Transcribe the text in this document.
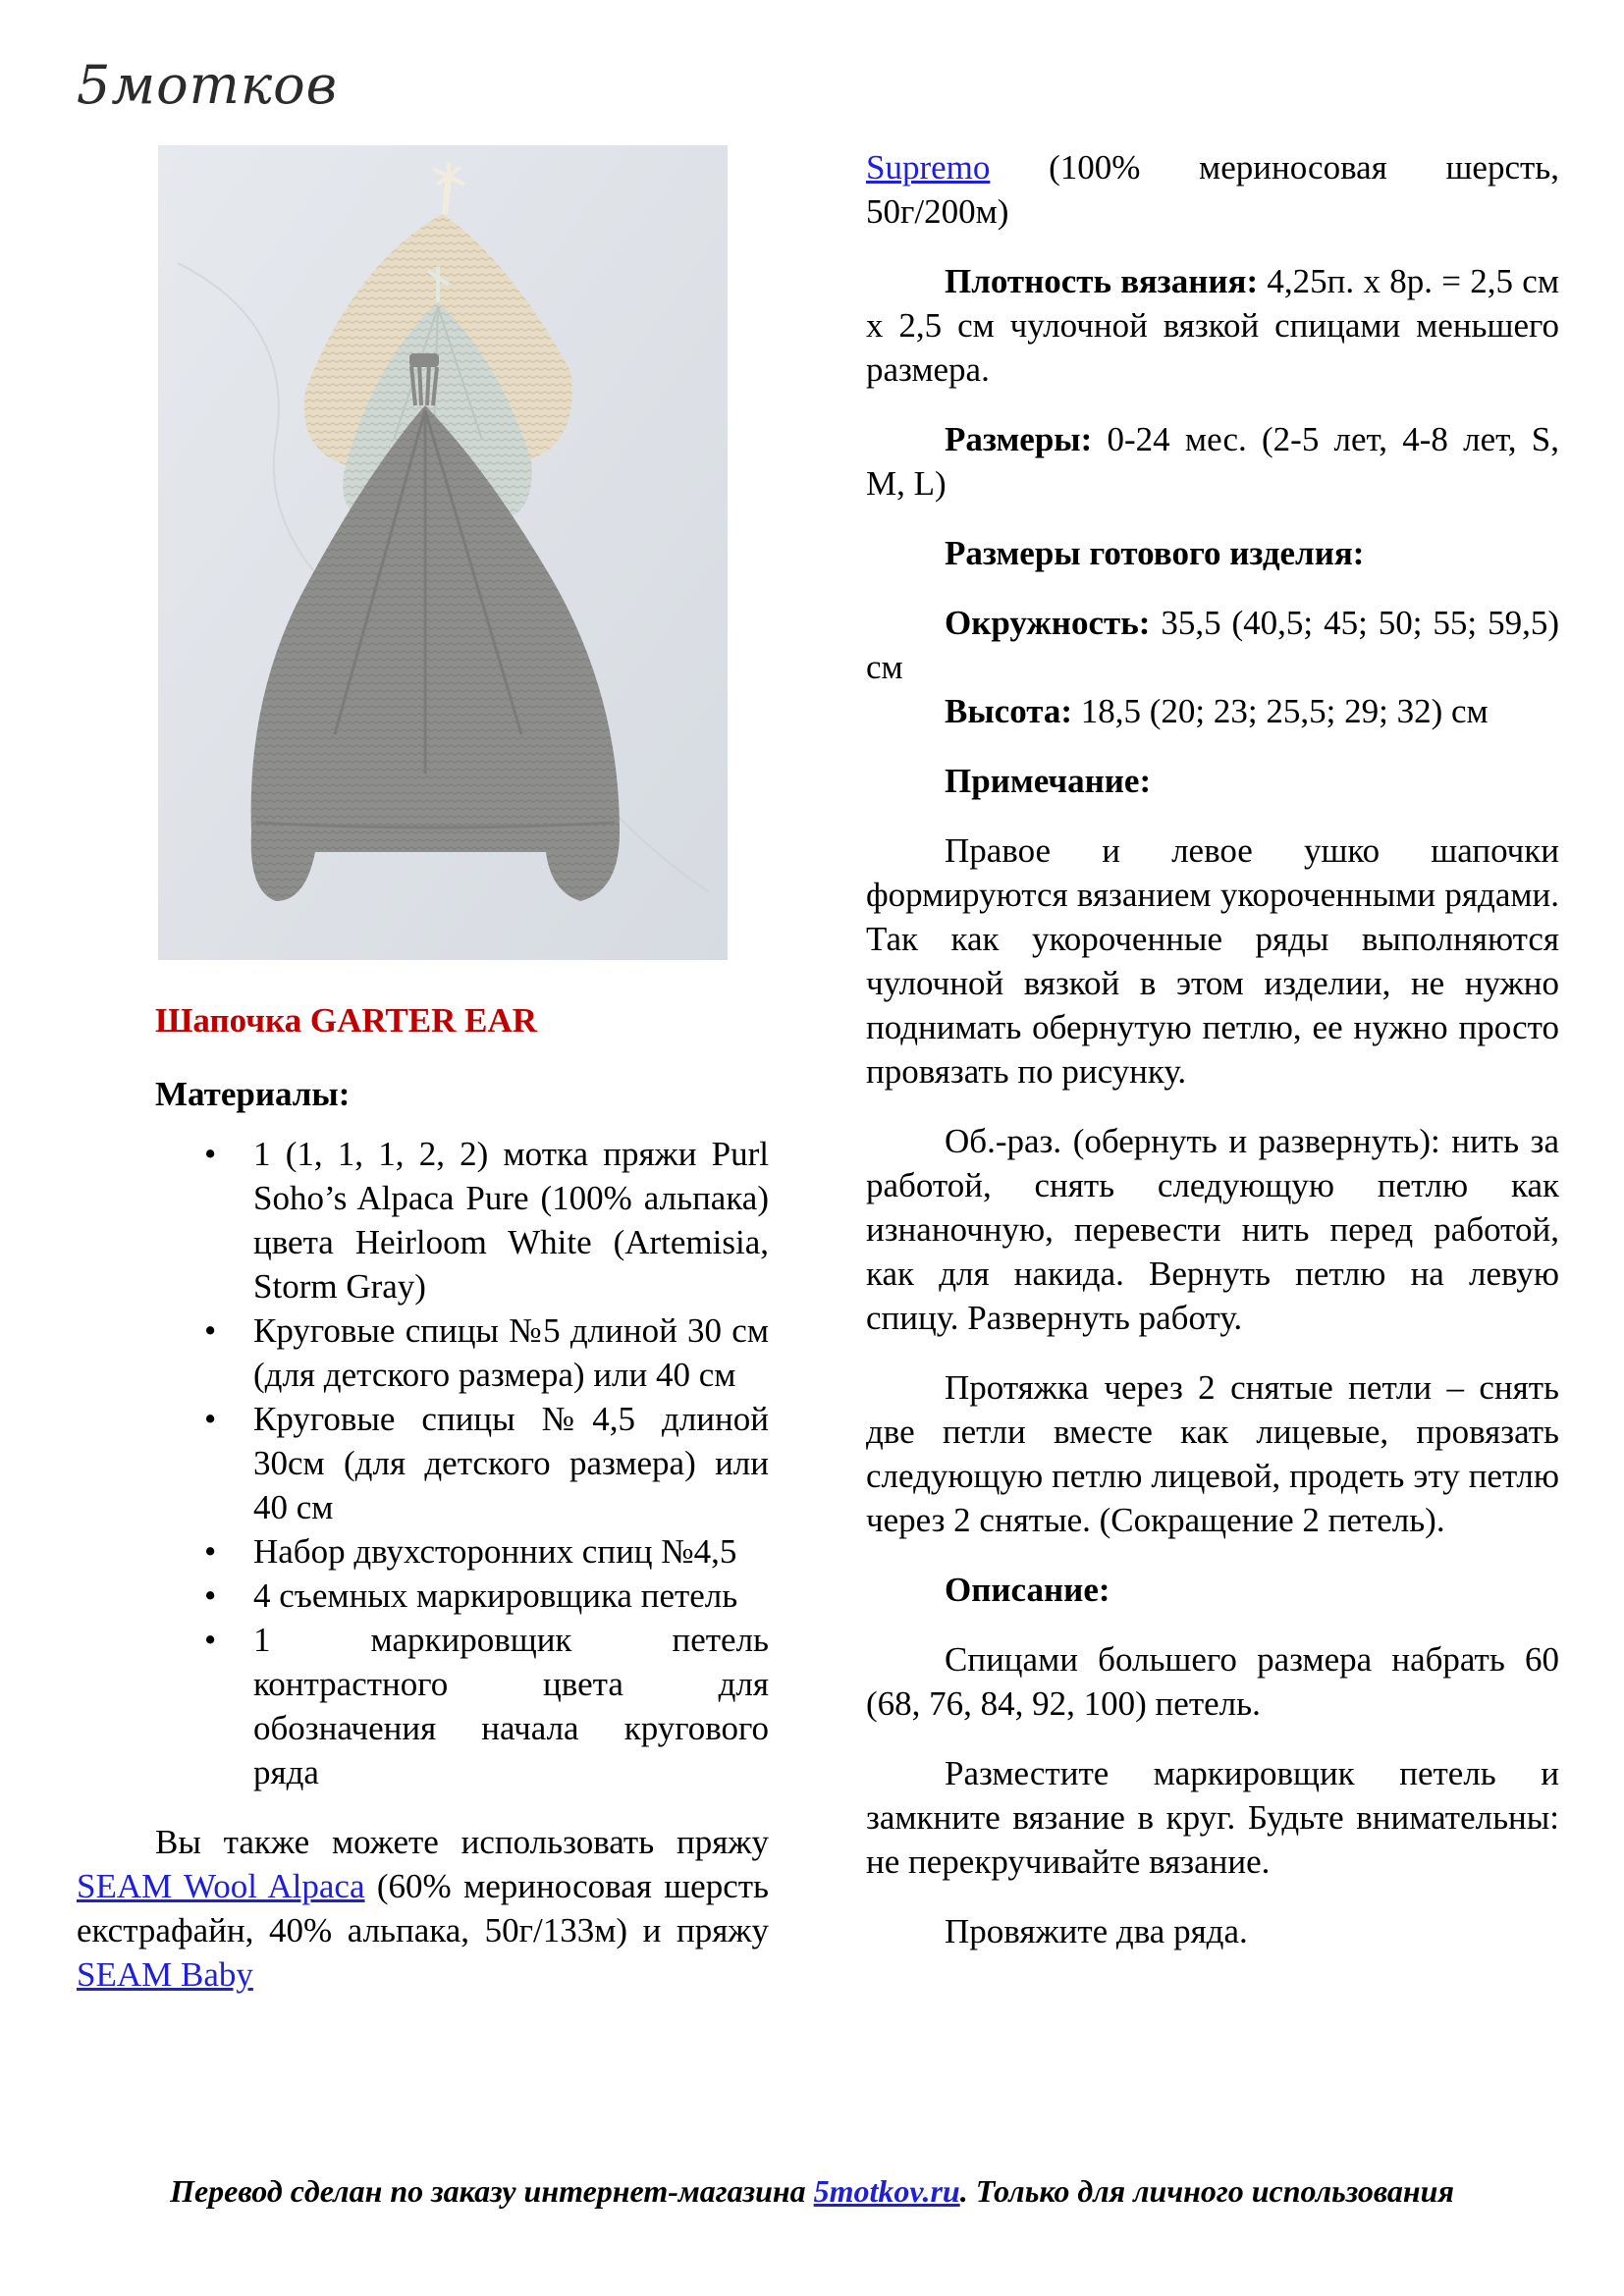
5мотков

Шапочка GARTER EAR

Материалы:

• 1 (1, 1, 1, 2, 2) мотка пряжи Purl Soho’s Alpaca Pure (100% альпака) цвета Heirloom White (Artemisia, Storm Gray)
• Круговые спицы №5 длиной 30 см (для детского размера) или 40 см
• Круговые спицы №4,5 длиной 30см (для детского размера) или 40 см
• Набор двухсторонних спиц №4,5
• 4 съемных маркировщика петель
• 1 маркировщик петель контрастного цвета для обозначения начала кругового ряда

Вы также можете использовать пряжу SEAM Wool Alpaca (60% мериносовая шерсть екстрафайн, 40% альпака, 50г/133м) и пряжу SEAM Baby

Supremo (100% мериносовая шерсть, 50г/200м)

Плотность вязания: 4,25п. х 8р. = 2,5 см х 2,5 см чулочной вязкой спицами меньшего размера.

Размеры: 0-24 мес. (2-5 лет, 4-8 лет, S, M, L)

Размеры готового изделия:

Окружность: 35,5 (40,5; 45; 50; 55; 59,5) см

Высота: 18,5 (20; 23; 25,5; 29; 32) см

Примечание:

Правое и левое ушко шапочки формируются вязанием укороченными рядами. Так как укороченные ряды выполняются чулочной вязкой в этом изделии, не нужно поднимать обернутую петлю, ее нужно просто провязать по рисунку.

Об.-раз. (обернуть и развернуть): нить за работой, снять следующую петлю как изнаночную, перевести нить перед работой, как для накида. Вернуть петлю на левую спицу. Развернуть работу.

Протяжка через 2 снятые петли – снять две петли вместе как лицевые, провязать следующую петлю лицевой, продеть эту петлю через 2 снятые. (Сокращение 2 петель).

Описание:

Спицами большего размера набрать 60 (68, 76, 84, 92, 100) петель.

Разместите маркировщик петель и замкните вязание в круг. Будьте внимательны: не перекручивайте вязание.

Провяжите два ряда.

Перевод сделан по заказу интернет-магазина 5motkov.ru. Только для личного использования
